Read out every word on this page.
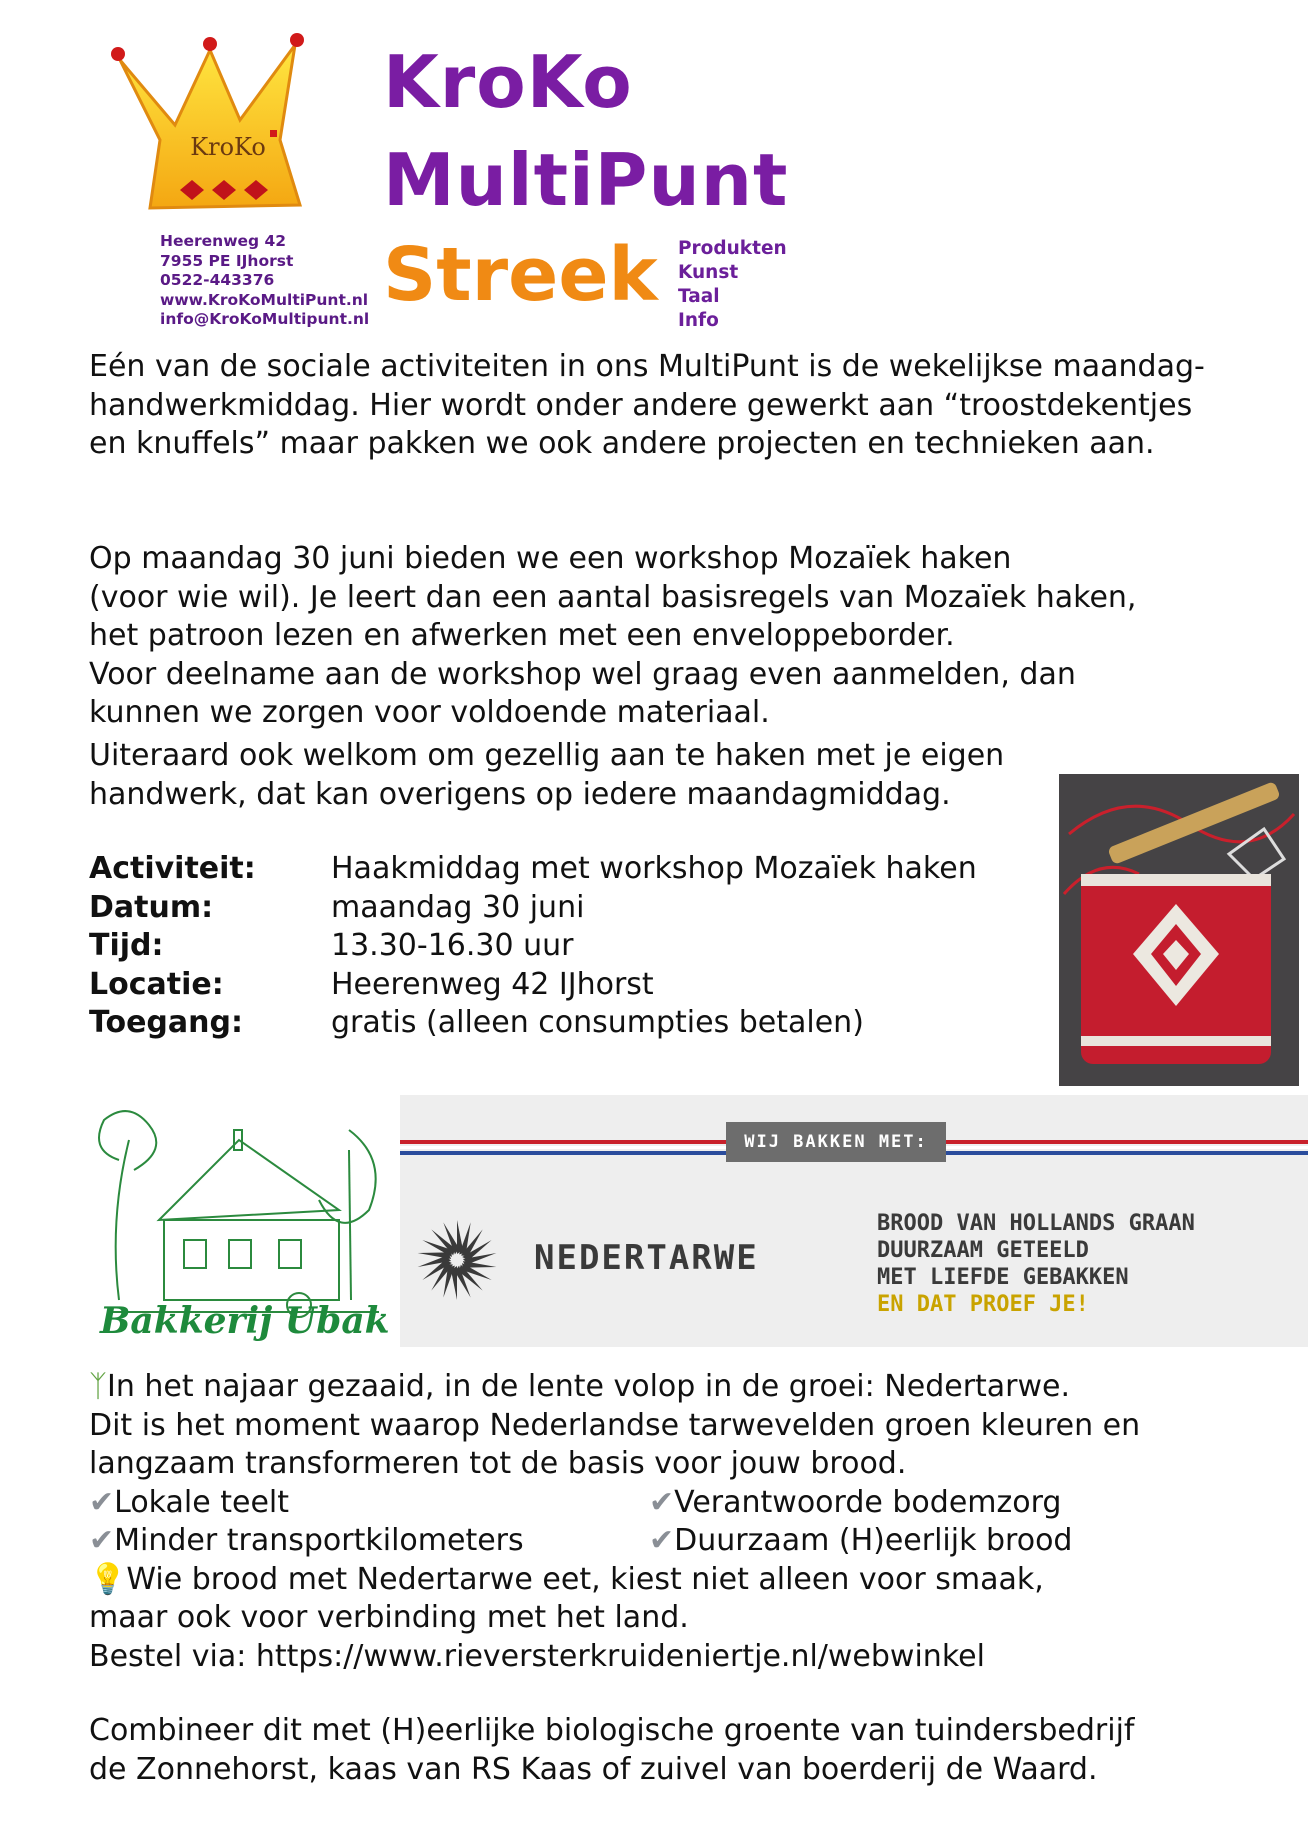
KroKo
Heerenweg 42
7955 PE IJhorst
0522-443376
www.KroKoMultiPunt.nl
info@KroKoMultipunt.nl
KroKo
MultiPunt
Streek Produkten
Kunst
Taal
Info
Eén van de sociale activiteiten in ons MultiPunt is de wekelijkse maandag-handwerkmiddag. Hier wordt onder andere gewerkt aan “troostdekentjes en knuffels” maar pakken we ook andere projecten en technieken aan.
Op maandag 30 juni bieden we een workshop Mozaïek haken
(voor wie wil). Je leert dan een aantal basisregels van Mozaïek haken,
het patroon lezen en afwerken met een enveloppeborder.
Voor deelname aan de workshop wel graag even aanmelden, dan
kunnen we zorgen voor voldoende materiaal.
Uiteraard ook welkom om gezellig aan te haken met je eigen
handwerk, dat kan overigens op iedere maandagmiddag.
Activiteit:	Haakmiddag met workshop Mozaïek haken
Datum:	maandag 30 juni
Tijd:	13.30-16.30 uur
Locatie:	Heerenweg 42 IJhorst
Toegang:	gratis (alleen consumpties betalen)
Bakkerij Ubak
WIJ BAKKEN MET:
NEDERTARWE
BROOD VAN HOLLANDS GRAAN
DUURZAAM GETEELD
MET LIEFDE GEBAKKEN
EN DAT PROEF JE!
ᛉIn het najaar gezaaid, in de lente volop in de groei: Nedertarwe.
Dit is het moment waarop Nederlandse tarwevelden groen kleuren en
langzaam transformeren tot de basis voor jouw brood.
✔Lokale teelt	✔Verantwoorde bodemzorg
✔Minder transportkilometers	✔Duurzaam (H)eerlijk brood
💡Wie brood met Nedertarwe eet, kiest niet alleen voor smaak,
maar ook voor verbinding met het land.
Bestel via: https://www.rieversterkruideniertje.nl/webwinkel
Combineer dit met (H)eerlijke biologische groente van tuindersbedrijf
de Zonnehorst, kaas van RS Kaas of zuivel van boerderij de Waard.
